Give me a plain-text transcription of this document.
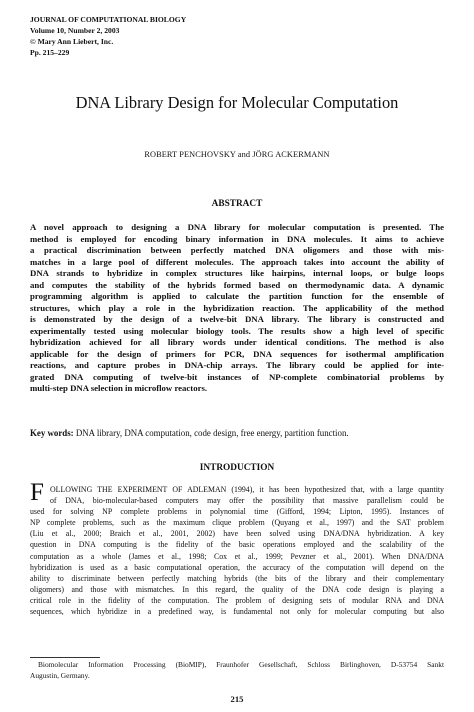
JOURNAL OF COMPUTATIONAL BIOLOGY
Volume 10, Number 2, 2003
© Mary Ann Liebert, Inc.
Pp. 215–229
DNA Library Design for Molecular Computation
ROBERT PENCHOVSKY and JÖRG ACKERMANN
ABSTRACT

A novel approach to designing a DNA library for molecular computation is presented. The
method is employed for encoding binary information in DNA molecules. It aims to achieve
a practical discrimination between perfectly matched DNA oligomers and those with mis-
matches in a large pool of different molecules. The approach takes into account the ability of
DNA strands to hybridize in complex structures like hairpins, internal loops, or bulge loops
and computes the stability of the hybrids formed based on thermodynamic data. A dynamic
programming algorithm is applied to calculate the partition function for the ensemble of
structures, which play a role in the hybridization reaction. The applicability of the method
is demonstrated by the design of a twelve-bit DNA library. The library is constructed and
experimentally tested using molecular biology tools. The results show a high level of specific
hybridization achieved for all library words under identical conditions. The method is also
applicable for the design of primers for PCR, DNA sequences for isothermal amplification
reactions, and capture probes in DNA-chip arrays. The library could be applied for inte-
grated DNA computing of twelve-bit instances of NP-complete combinatorial problems by
multi-step DNA selection in microflow reactors.

Key words: DNA library, DNA computation, code design, free energy, partition function.
INTRODUCTION
F OLLOWING THE EXPERIMENT OF ADLEMAN (1994), it has been hypothesized that, with a large quantity
of DNA, bio-molecular-based computers may offer the possibility that massive parallelism could be
used for solving NP complete problems in polynomial time (Gifford, 1994; Lipton, 1995). Instances of
NP complete problems, such as the maximum clique problem (Quyang et al., 1997) and the SAT problem
(Liu et al., 2000; Braich et al., 2001, 2002) have been solved using DNA/DNA hybridization. A key
question in DNA computing is the fidelity of the basic operations employed and the scalability of the
computation as a whole (James et al., 1998; Cox et al., 1999; Pevzner et al., 2001). When DNA/DNA
hybridization is used as a basic computational operation, the accuracy of the computation will depend on the
ability to discriminate between perfectly matching hybrids (the bits of the library and their complementary
oligomers) and those with mismatches. In this regard, the quality of the DNA code design is playing a
critical role in the fidelity of the computation. The problem of designing sets of modular RNA and DNA
sequences, which hybridize in a predefined way, is fundamental not only for molecular computing but also

Biomolecular Information Processing (BioMIP), Fraunhofer Gesellschaft, Schloss Birlinghoven, D-53754 Sankt
Augustin, Germany.
215
